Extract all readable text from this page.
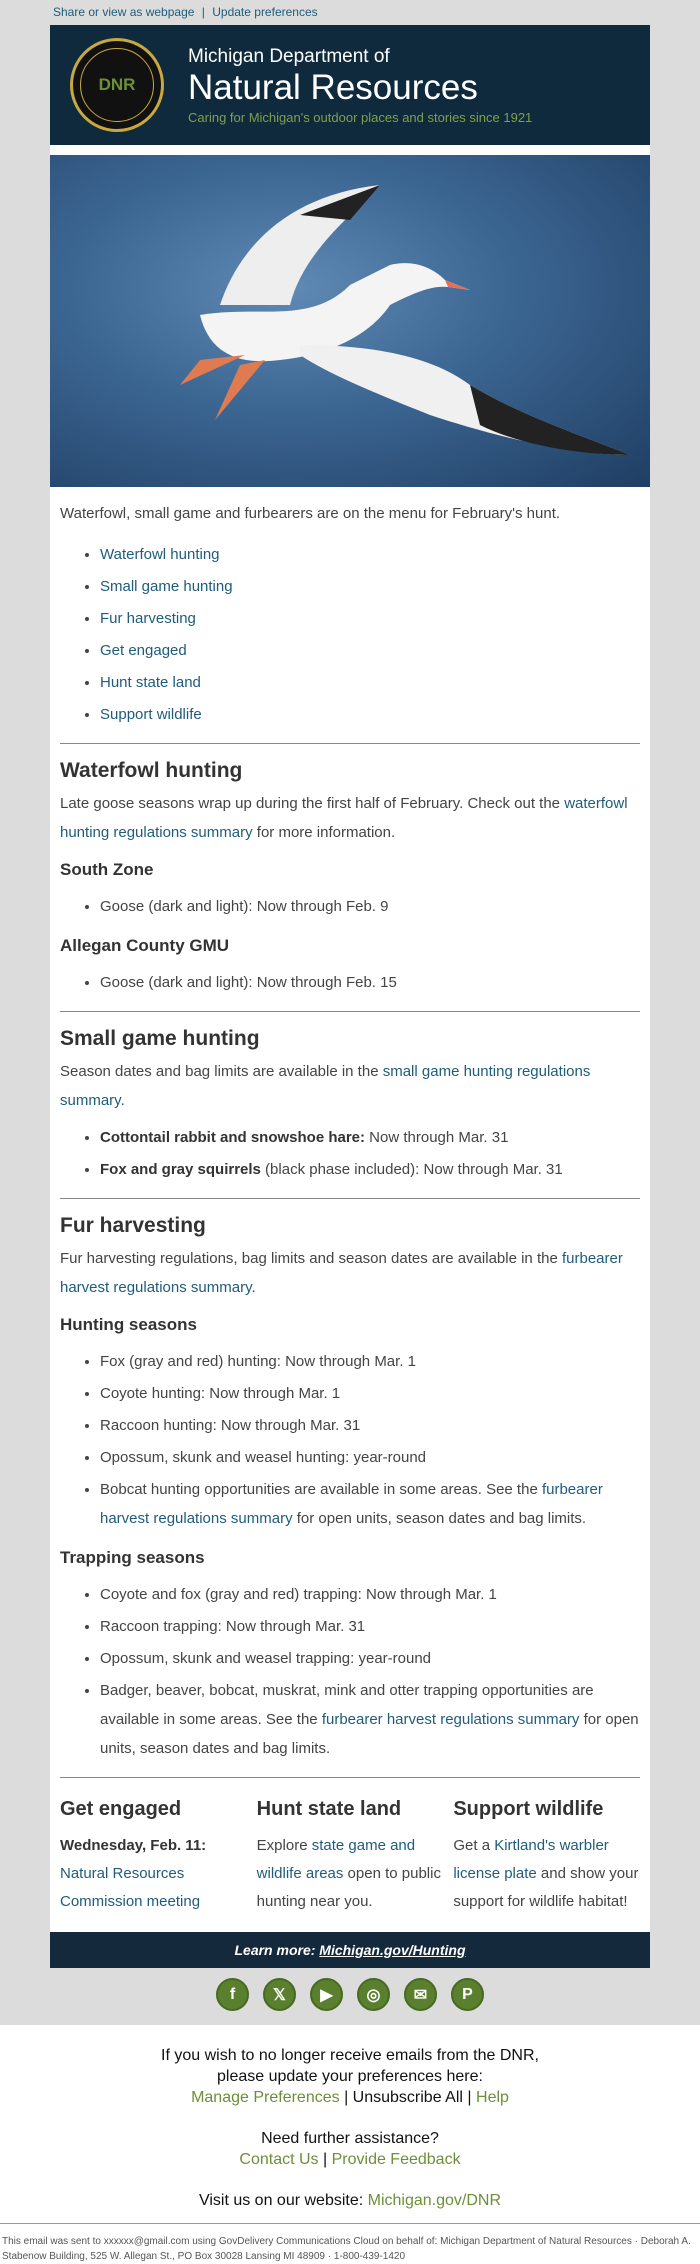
Share or view as webpage | Update preferences
DNR
Michigan Department of
Natural Resources
Caring for Michigan's outdoor places and stories since 1921

Waterfowl, small game and furbearers are on the menu for February's hunt.

• Waterfowl hunting
• Small game hunting
• Fur harvesting
• Get engaged
• Hunt state land
• Support wildlife
Waterfowl hunting

Late goose seasons wrap up during the first half of February. Check out the waterfowl hunting regulations summary for more information.

South Zone
• Goose (dark and light): Now through Feb. 9
Allegan County GMU
• Goose (dark and light): Now through Feb. 15
Small game hunting

Season dates and bag limits are available in the small game hunting regulations summary.

• Cottontail rabbit and snowshoe hare: Now through Mar. 31
• Fox and gray squirrels (black phase included): Now through Mar. 31
Fur harvesting

Fur harvesting regulations, bag limits and season dates are available in the furbearer harvest regulations summary.

Hunting seasons
• Fox (gray and red) hunting: Now through Mar. 1
• Coyote hunting: Now through Mar. 1
• Raccoon hunting: Now through Mar. 31
• Opossum, skunk and weasel hunting: year-round
• Bobcat hunting opportunities are available in some areas. See the furbearer harvest regulations summary for open units, season dates and bag limits.
Trapping seasons
• Coyote and fox (gray and red) trapping: Now through Mar. 1
• Raccoon trapping: Now through Mar. 31
• Opossum, skunk and weasel trapping: year-round
• Badger, beaver, bobcat, muskrat, mink and otter trapping opportunities are available in some areas. See the furbearer harvest regulations summary for open units, season dates and bag limits.
Get engaged
Wednesday, Feb. 11:
Natural Resources Commission meeting
Hunt state land
Explore state game and wildlife areas open to public hunting near you.
Support wildlife
Get a Kirtland's warbler license plate and show your support for wildlife habitat!
Learn more: Michigan.gov/Hunting
f	𝕏	▶	◎	✉	P
If you wish to no longer receive emails from the DNR,
please update your preferences here:
Manage Preferences | Unsubscribe All | Help
Need further assistance?
Contact Us | Provide Feedback
Visit us on our website: Michigan.gov/DNR
This email was sent to xxxxxx@gmail.com using GovDelivery Communications Cloud on behalf of: Michigan Department of Natural Resources · Deborah A. Stabenow Building, 525 W. Allegan St., PO Box 30028 Lansing MI 48909 · 1-800-439-1420
